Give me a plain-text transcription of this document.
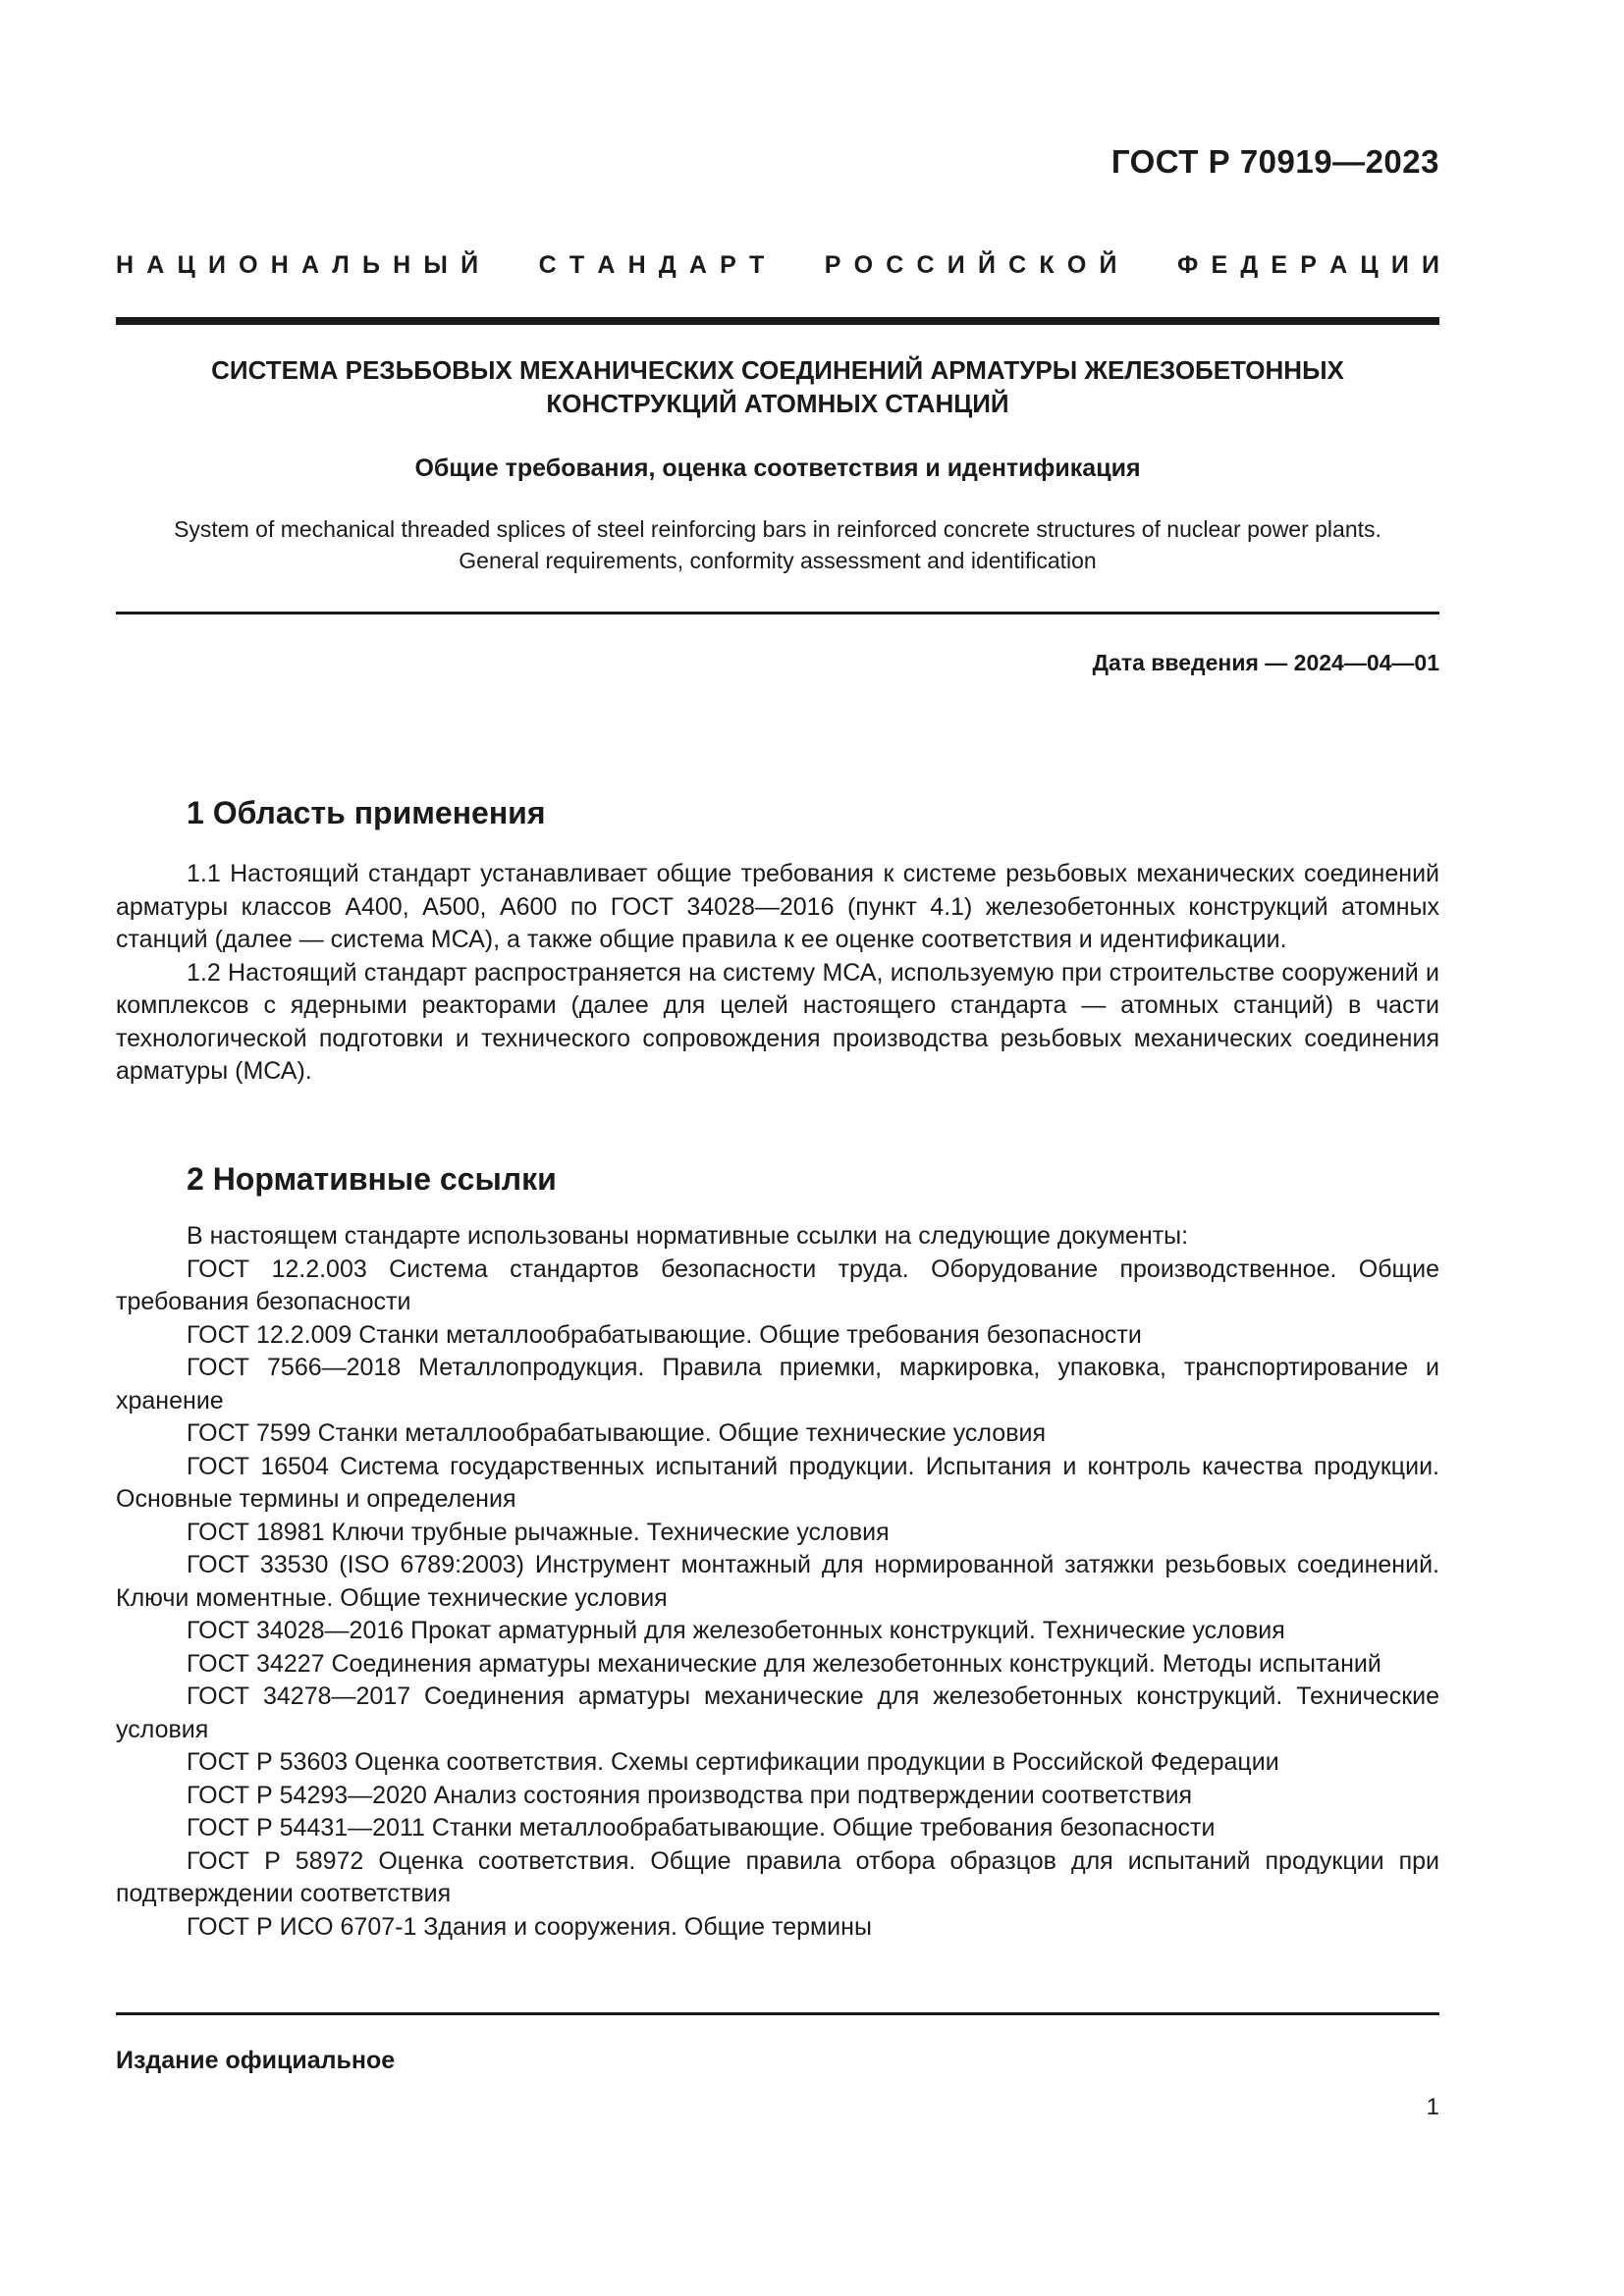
ГОСТ Р 70919—2023
Н А Ц И О Н А Л Ь Н Ы Й С Т А Н Д А Р Т Р О С С И Й С К О Й Ф Е Д Е Р А Ц И И
СИСТЕМА РЕЗЬБОВЫХ МЕХАНИЧЕСКИХ СОЕДИНЕНИЙ АРМАТУРЫ ЖЕЛЕЗОБЕТОННЫХ
КОНСТРУКЦИЙ АТОМНЫХ СТАНЦИЙ
Общие требования, оценка соответствия и идентификация
System of mechanical threaded splices of steel reinforcing bars in reinforced concrete structures of nuclear power plants.
General requirements, conformity assessment and identification
Дата введения — 2024—04—01
1 Область применения

1.1 Настоящий стандарт устанавливает общие требования к системе резьбовых механических соединений арматуры классов А400, А500, А600 по ГОСТ 34028—2016 (пункт 4.1) железобетонных конструкций атомных станций (далее — система МСА), а также общие правила к ее оценке соответствия и идентификации.

1.2 Настоящий стандарт распространяется на систему МСА, используемую при строительстве сооружений и комплексов с ядерными реакторами (далее для целей настоящего стандарта — атомных станций) в части технологической подготовки и технического сопровождения производства резьбовых механических соединения арматуры (МСА).

2 Нормативные ссылки

В настоящем стандарте использованы нормативные ссылки на следующие документы:

ГОСТ 12.2.003 Система стандартов безопасности труда. Оборудование производственное. Общие требования безопасности

ГОСТ 12.2.009 Станки металлообрабатывающие. Общие требования безопасности

ГОСТ 7566—2018 Металлопродукция. Правила приемки, маркировка, упаковка, транспортирование и хранение

ГОСТ 7599 Станки металлообрабатывающие. Общие технические условия

ГОСТ 16504 Система государственных испытаний продукции. Испытания и контроль качества продукции. Основные термины и определения

ГОСТ 18981 Ключи трубные рычажные. Технические условия

ГОСТ 33530 (ISO 6789:2003) Инструмент монтажный для нормированной затяжки резьбовых соединений. Ключи моментные. Общие технические условия

ГОСТ 34028—2016 Прокат арматурный для железобетонных конструкций. Технические условия

ГОСТ 34227 Соединения арматуры механические для железобетонных конструкций. Методы испытаний

ГОСТ 34278—2017 Соединения арматуры механические для железобетонных конструкций. Технические условия

ГОСТ Р 53603 Оценка соответствия. Схемы сертификации продукции в Российской Федерации

ГОСТ Р 54293—2020 Анализ состояния производства при подтверждении соответствия

ГОСТ Р 54431—2011 Станки металлообрабатывающие. Общие требования безопасности

ГОСТ Р 58972 Оценка соответствия. Общие правила отбора образцов для испытаний продукции при подтверждении соответствия

ГОСТ Р ИСО 6707-1 Здания и сооружения. Общие термины

Издание официальное
1
